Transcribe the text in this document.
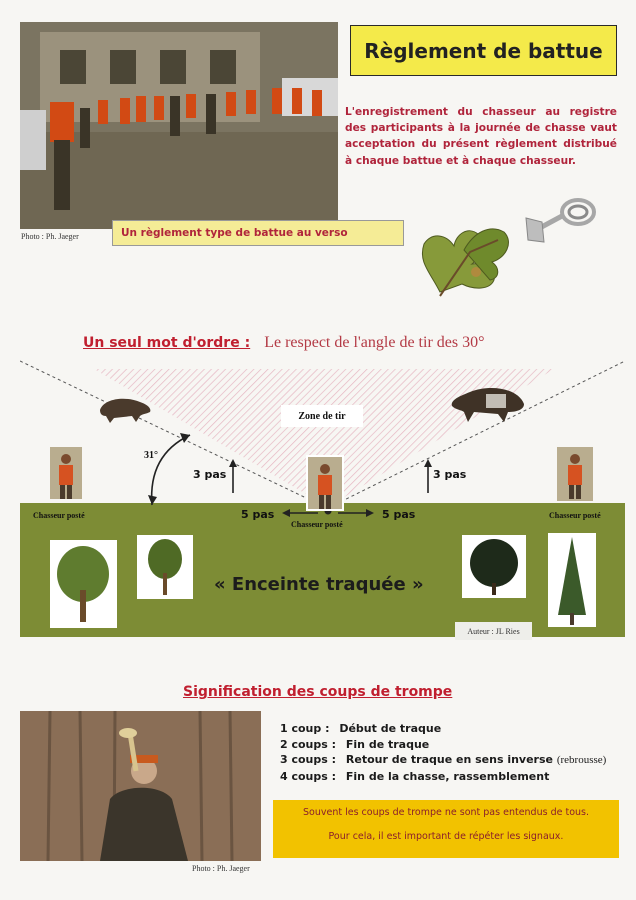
Photo : Ph. Jaeger
Règlement de battue
L'enregistrement du chasseur au registre des participants à la journée de chasse vaut acceptation du présent règlement distribué à chaque battue et à chaque chasseur.
Un règlement type de battue au verso
Un seul mot d'ordre : Le respect de l'angle de tir des 30°
Zone de tir
31°
3 pas	3 pas
5 pas	5 pas
Chasseur posté
Chasseur posté
Chasseur posté
« Enceinte traquée »
Auteur : JL Ries
Signification des coups de trompe
Photo : Ph. Jaeger
1 coup : Début de traque
2 coups : Fin de traque
3 coups : Retour de traque en sens inverse (rebrousse)
4 coups : Fin de la chasse, rassemblement
Souvent les coups de trompe ne sont pas entendus de tous.
Pour cela, il est important de répéter les signaux.
